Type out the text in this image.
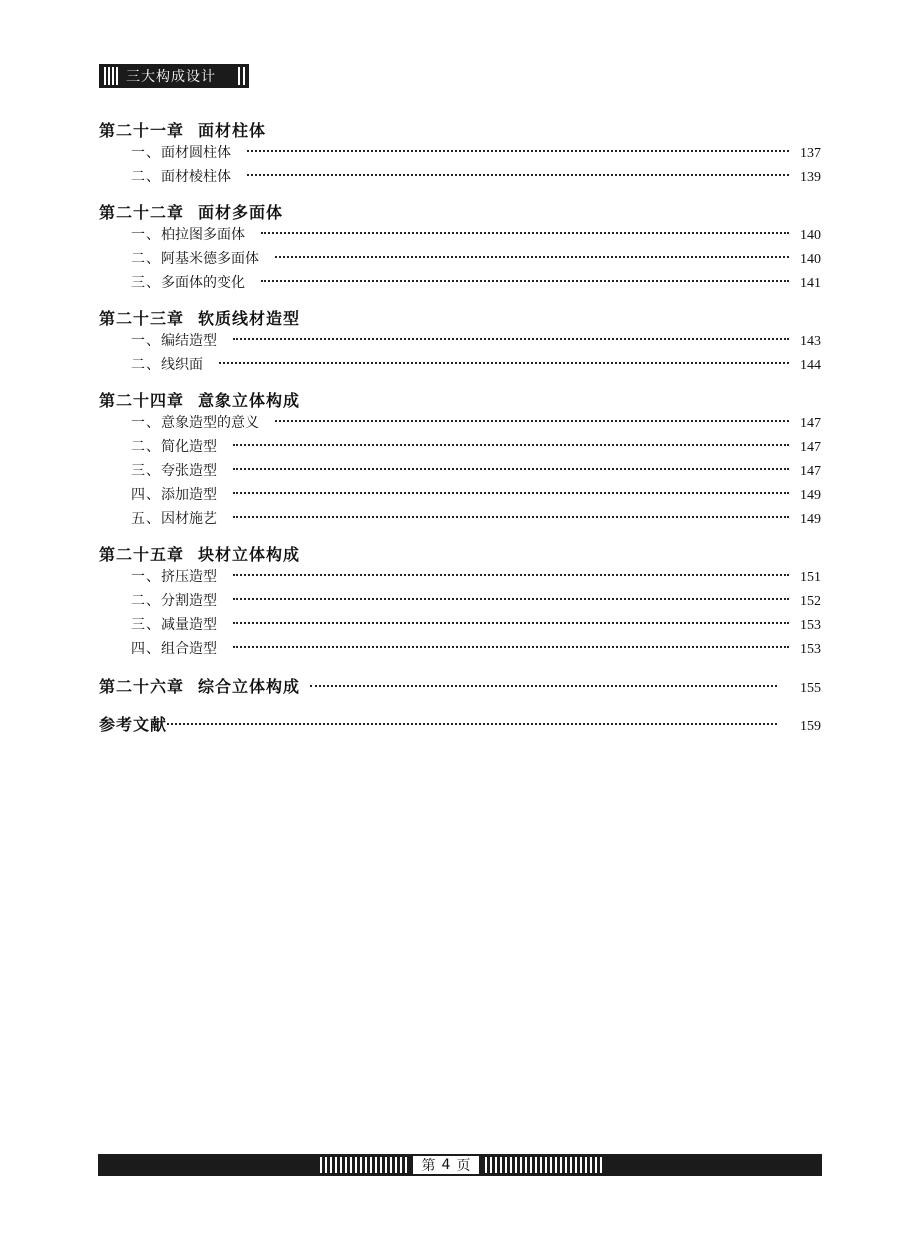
三大构成设计
第二十一章 面材柱体
一、 面材圆柱体	137
二、 面材棱柱体	139
第二十二章 面材多面体
一、 柏拉图多面体	140
二、 阿基米德多面体	140
三、 多面体的变化	141
第二十三章 软质线材造型
一、 编结造型	143
二、 线织面	144
第二十四章 意象立体构成
一、 意象造型的意义	147
二、 简化造型	147
三、 夸张造型	147
四、 添加造型	149
五、 因材施艺	149
第二十五章 块材立体构成
一、 挤压造型	151
二、 分割造型	152
三、 减量造型	153
四、 组合造型	153
第二十六章 综合立体构成	155
参考文献	159
第 4 页
